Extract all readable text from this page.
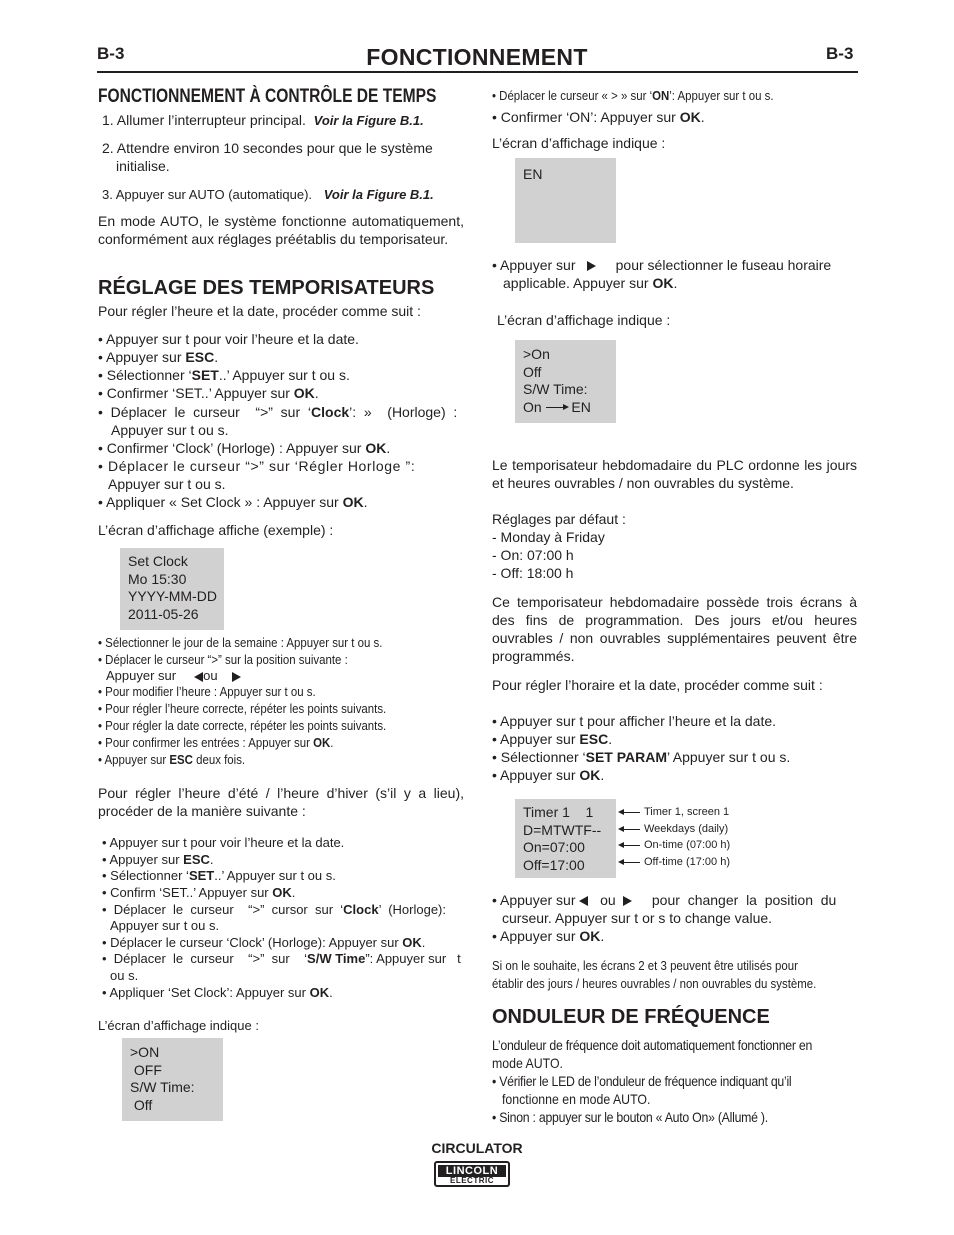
B-3	FONCTIONNEMENT	B-3
FONCTIONNEMENT À CONTRÔLE DE TEMPS
1. Allumer l’interrupteur principal. Voir la Figure B.1.
2. Attendre environ 10 secondes pour que le système
initialise.
3. Appuyer sur AUTO (automatique). Voir la Figure B.1.
En mode AUTO, le système fonctionne automatiquement, conformément aux réglages préétablis du temporisateur.
RÉGLAGE DES TEMPORISATEURS
Pour régler l’heure et la date, procéder comme suit :
• Appuyer sur t pour voir l’heure et la date.
• Appuyer sur ESC.
• Sélectionner ‘SET..’ Appuyer sur t ou s.
• Confirmer ‘SET..’ Appuyer sur OK.
•  Déplacer  le  curseur    “>”  sur  ‘Clock’:  »    (Horloge)  :
Appuyer sur t ou s.
• Confirmer ‘Clock’ (Horloge) : Appuyer sur OK.
• Déplacer le curseur “>” sur ‘Régler Horloge ”:
Appuyer sur t ou s.
• Appliquer « Set Clock » : Appuyer sur OK.
L’écran d’affichage affiche (exemple) :
Set Clock
Mo 15:30
YYYY-MM-DD
2011-05-26
• Sélectionner le jour de la semaine : Appuyer sur t ou s.
• Déplacer le curseur “>” sur la position suivante :
Appuyer sur ou
• Pour modifier l’heure : Appuyer sur t ou s.
• Pour régler l’heure correcte, répéter les points suivants.
• Pour régler la date correcte, répéter les points suivants.
• Pour confirmer les entrées : Appuyer sur OK.
• Appuyer sur ESC deux fois.
Pour régler l’heure d’été / l’heure d’hiver (s’il y a lieu), procéder de la manière suivante :
• Appuyer sur t pour voir l’heure et la date.
• Appuyer sur ESC.
• Sélectionner ‘SET..’ Appuyer sur t ou s.
• Confirm ‘SET..’ Appuyer sur OK.
•  Déplacer  le  curseur    “>”  cursor  sur  ‘Clock’  (Horloge):
Appuyer sur t ou s.
• Déplacer le curseur ‘Clock’ (Horloge): Appuyer sur OK.
•  Déplacer  le  curseur    “>”  sur    ‘S/W Time”: Appuyer sur   t
ou s.
• Appliquer ‘Set Clock’: Appuyer sur OK.
L’écran d’affichage indique :
>ON
OFF
S/W Time:
Off
• Déplacer le curseur « > » sur ‘ON’: Appuyer sur t ou s.
• Confirmer ‘ON’: Appuyer sur OK.
L’écran d’affichage indique :
EN
• Appuyer sur	pour sélectionner le fuseau horaire
applicable. Appuyer sur OK.
L’écran d’affichage indique :
>On
Off
S/W Time:
On EN
Le temporisateur hebdomadaire du PLC ordonne les jours et heures ouvrables / non ouvrables du système.
Réglages par défaut :
- Monday à Friday
- On: 07:00 h
- Off: 18:00 h
Ce temporisateur hebdomadaire possède trois écrans à des fins de programmation. Des jours et/ou heures ouvrables / non ouvrables supplémentaires peuvent être programmés.
Pour régler l’horaire et la date, procéder comme suit :
• Appuyer sur t pour afficher l’heure et la date.
• Appuyer sur ESC.
• Sélectionner ‘SET PARAM’ Appuyer sur t ou s.
• Appuyer sur OK.
Timer 1    1
D=MTWTF--
On=07:00
Off=17:00
Timer 1, screen 1
Weekdays (daily)
On-time (07:00 h)
Off-time (17:00 h)
• Appuyer sur ou	pour  changer  la  position  du
curseur. Appuyer sur t or s to change value.
• Appuyer sur OK.
Si on le souhaite, les écrans 2 et 3 peuvent être utilisés pour
établir des jours / heures ouvrables / non ouvrables du système.
ONDULEUR DE FRÉQUENCE
L’onduleur de fréquence doit automatiquement fonctionner en
mode AUTO.
• Vérifier le LED de l’onduleur de fréquence indiquant qu’il
fonctionne en mode AUTO.
• Sinon : appuyer sur le bouton « Auto On» (Allumé ).
CIRCULATOR
LINCOLN
ELECTRIC
